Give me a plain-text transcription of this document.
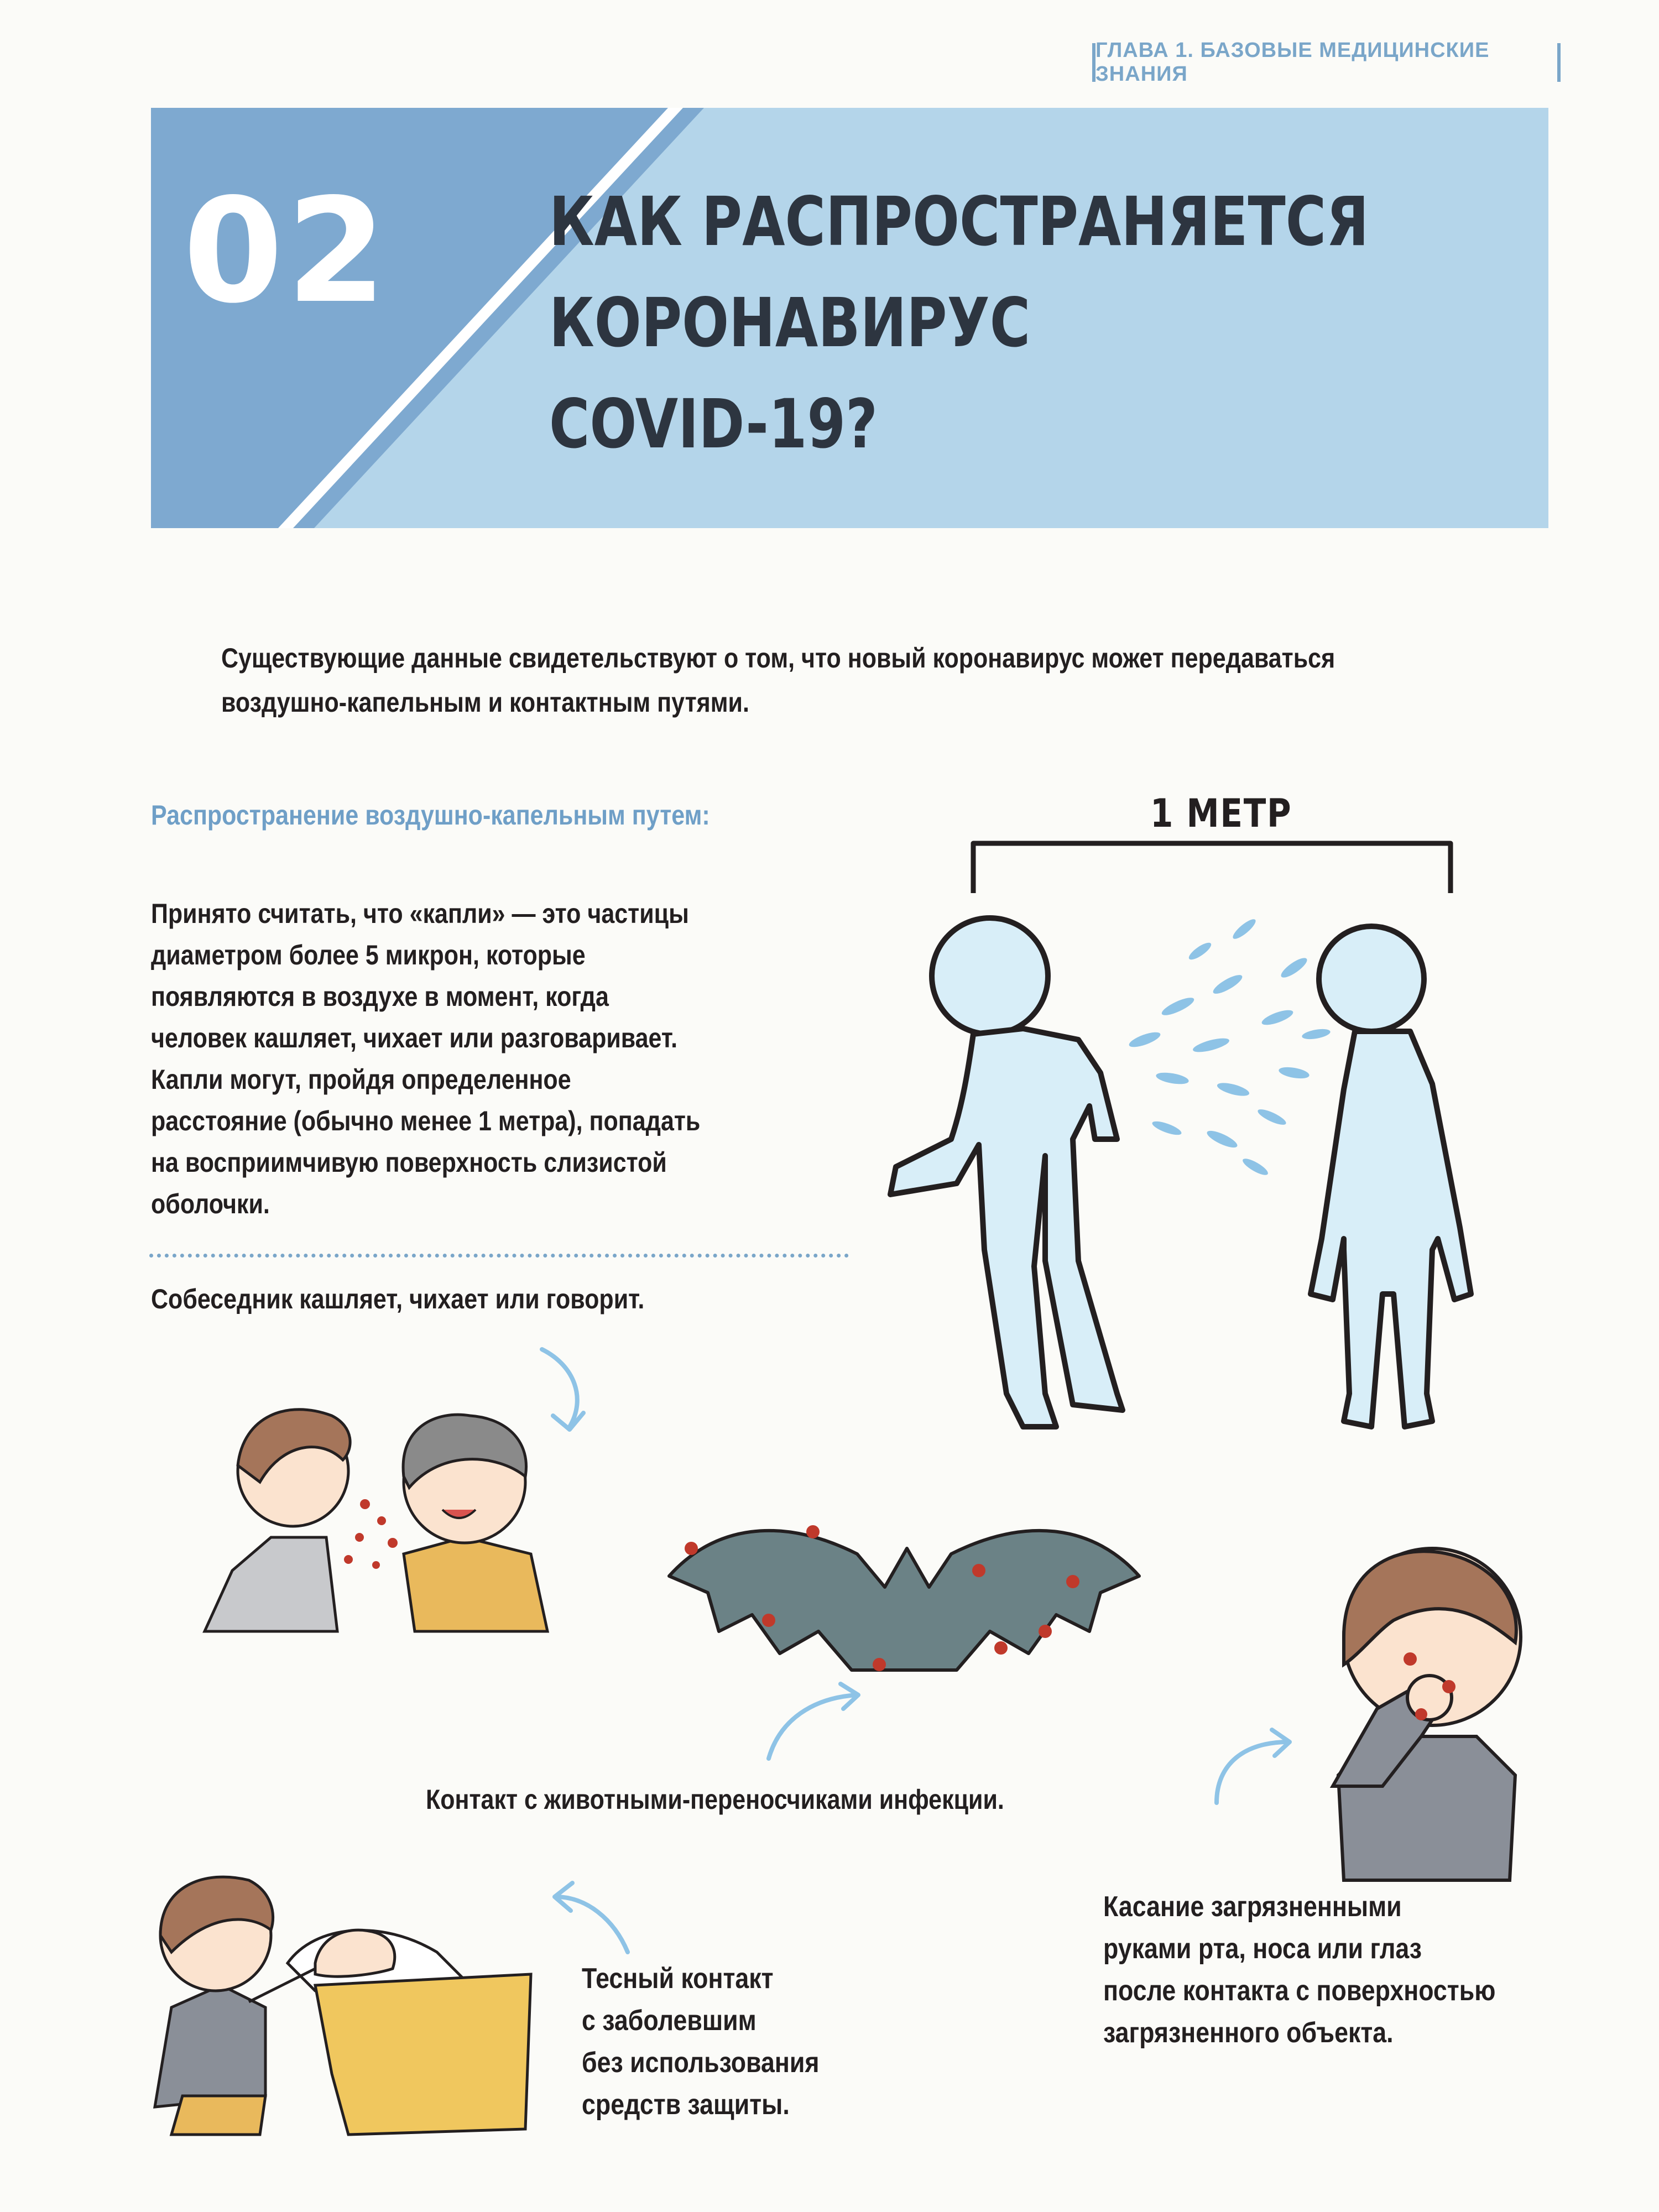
ГЛАВА 1. БАЗОВЫЕ МЕДИЦИНСКИЕ ЗНАНИЯ
02 КАК РАСПРОСТРАНЯЕТСЯ
КОРОНАВИРУС
COVID-19?
Существующие данные свидетельствуют о том, что новый коронавирус может передаваться
воздушно-капельным и контактным путями.
Распространение воздушно-капельным путем:
Принято считать, что «капли» — это частицы
диаметром более 5 микрон, которые
появляются в воздухе в момент, когда
человек кашляет, чихает или разговаривает.
Капли могут, пройдя определенное
расстояние (обычно менее 1 метра), попадать
на восприимчивую поверхность слизистой
оболочки.
Собеседник кашляет, чихает или говорит.
1 МЕТР
Контакт с животными-переносчиками инфекции.
Касание загрязненными
руками рта, носа или глаз
после контакта с поверхностью
загрязненного объекта.
Тесный контакт
с заболевшим
без использования
средств защиты.
